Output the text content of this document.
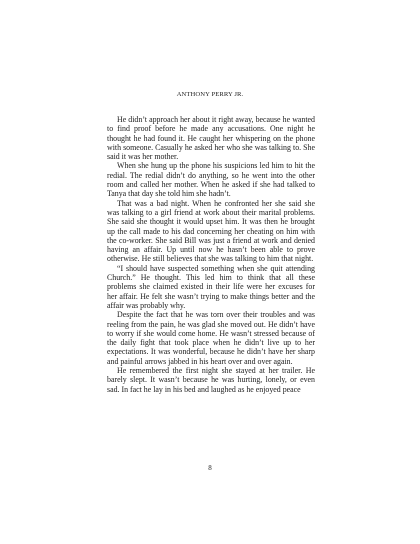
ANTHONY PERRY JR.

He didn’t approach her about it right away, because he wanted to find proof before he made any accusations. One night he thought he had found it. He caught her whispering on the phone with someone. Casually he asked her who she was talking to. She said it was her mother.

When she hung up the phone his suspicions led him to hit the redial. The redial didn’t do anything, so he went into the other room and called her mother. When he asked if she had talked to Tanya that day she told him she hadn’t.

That was a bad night. When he confronted her she said she was talking to a girl friend at work about their marital problems. She said she thought it would upset him. It was then he brought up the call made to his dad concerning her cheating on him with the co-worker. She said Bill was just a friend at work and denied having an affair. Up until now he hasn’t been able to prove otherwise. He still believes that she was talking to him that night.

“I should have suspected something when she quit attending Church.” He thought. This led him to think that all these problems she claimed existed in their life were her excuses for her affair. He felt she wasn’t trying to make things better and the affair was probably why.

Despite the fact that he was torn over their troubles and was reeling from the pain, he was glad she moved out. He didn’t have to worry if she would come home. He wasn’t stressed because of the daily fight that took place when he didn’t live up to her expectations. It was wonderful, because he didn’t have her sharp and painful arrows jabbed in his heart over and over again.

He remembered the first night she stayed at her trailer. He barely slept. It wasn’t because he was hurting, lonely, or even sad. In fact he lay in his bed and laughed as he enjoyed peace

8
